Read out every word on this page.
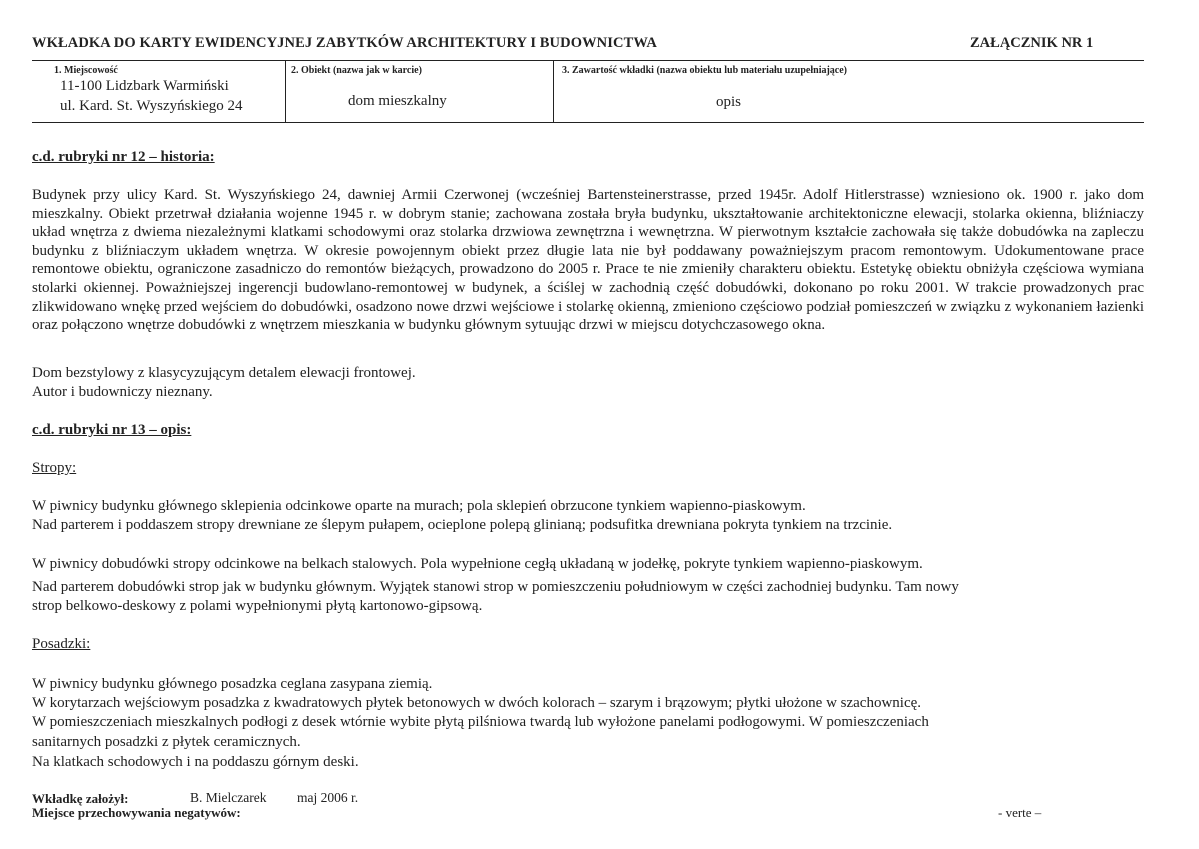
WKŁADKA DO KARTY EWIDENCYJNEJ ZABYTKÓW ARCHITEKTURY I BUDOWNICTWA	ZAŁĄCZNIK NR 1
1. Miejscowość
11-100 Lidzbark Warmiński
ul. Kard. St. Wyszyńskiego 24
2. Obiekt (nazwa jak w karcie)
dom mieszkalny
3. Zawartość wkładki (nazwa obiektu lub materiału uzupełniające)
opis
c.d. rubryki nr 12 – historia:
Budynek przy ulicy Kard. St. Wyszyńskiego 24, dawniej Armii Czerwonej (wcześniej Bartensteinerstrasse, przed 1945r. Adolf Hitlerstrasse) wzniesiono ok. 1900 r. jako dom mieszkalny. Obiekt przetrwał działania wojenne 1945 r. w dobrym stanie; zachowana została bryła budynku, ukształtowanie architektoniczne elewacji, stolarka okienna, bliźniaczy układ wnętrza z dwiema niezależnymi klatkami schodowymi oraz stolarka drzwiowa zewnętrzna i wewnętrzna. W pierwotnym kształcie zachowała się także dobudówka na zapleczu budynku z bliźniaczym układem wnętrza. W okresie powojennym obiekt przez długie lata nie był poddawany poważniejszym pracom remontowym. Udokumentowane prace remontowe obiektu, ograniczone zasadniczo do remontów bieżących, prowadzono do 2005 r. Prace te nie zmieniły charakteru obiektu. Estetykę obiektu obniżyła częściowa wymiana stolarki okiennej. Poważniejszej ingerencji budowlano-remontowej w budynek, a ściślej w zachodnią część dobudówki, dokonano po roku 2001. W trakcie prowadzonych prac zlikwidowano wnękę przed wejściem do dobudówki, osadzono nowe drzwi wejściowe i stolarkę okienną, zmieniono częściowo podział pomieszczeń w związku z wykonaniem łazienki oraz połączono wnętrze dobudówki z wnętrzem mieszkania w budynku głównym sytuując drzwi w miejscu dotychczasowego okna.
Dom bezstylowy z klasycyzującym detalem elewacji frontowej.
Autor i budowniczy nieznany.
c.d. rubryki nr 13 – opis:
Stropy:
W piwnicy budynku głównego sklepienia odcinkowe oparte na murach; pola sklepień obrzucone tynkiem wapienno-piaskowym.
Nad parterem i poddaszem stropy drewniane ze ślepym pułapem, ocieplone polepą glinianą; podsufitka drewniana pokryta tynkiem na trzcinie.
W piwnicy dobudówki stropy odcinkowe na belkach stalowych. Pola wypełnione cegłą układaną w jodełkę, pokryte tynkiem wapienno-piaskowym.
Nad parterem dobudówki strop jak w budynku głównym. Wyjątek stanowi strop w pomieszczeniu południowym w części zachodniej budynku. Tam nowy
strop belkowo-deskowy z polami wypełnionymi płytą kartonowo-gipsową.
Posadzki:
W piwnicy budynku głównego posadzka ceglana zasypana ziemią.
W korytarzach wejściowym posadzka z kwadratowych płytek betonowych w dwóch kolorach – szarym i brązowym; płytki ułożone w szachownicę.
W pomieszczeniach mieszkalnych podłogi z desek wtórnie wybite płytą pilśniowa twardą lub wyłożone panelami podłogowymi. W pomieszczeniach
sanitarnych posadzki z płytek ceramicznych.
Na klatkach schodowych i na poddaszu górnym deski.
Wkładkę założył:	B. Mielczarek maj 2006 r.
Miejsce przechowywania negatywów:	- verte –
